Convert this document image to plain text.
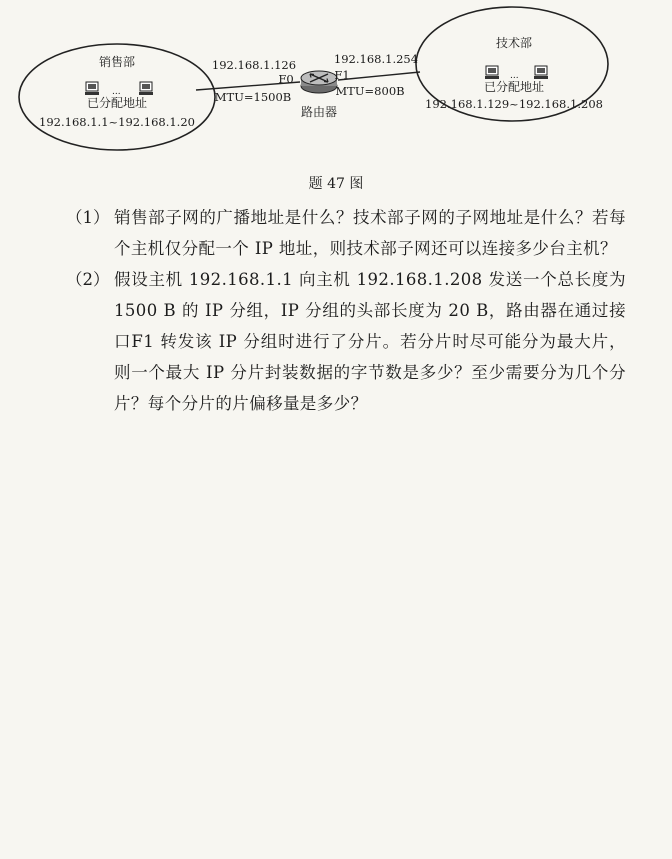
...
...
销售部
已分配地址
192.168.1.1~192.168.1.20
技术部
已分配地址
192.168.1.129~192.168.1.208
192.168.1.126
F0
MTU=1500B
192.168.1.254
F1
MTU=800B
路由器
题 47 图
（1） 销售部子网的广播地址是什么？技术部子网的子网地址是什么？若每个主机仅分配一个 IP 地址，则技术部子网还可以连接多少台主机？
（2） 假设主机 192.168.1.1 向主机 192.168.1.208 发送一个总长度为1500 B 的 IP 分组，IP 分组的头部长度为 20 B，路由器在通过接口F1 转发该 IP 分组时进行了分片。若分片时尽可能分为最大片，则一个最大 IP 分片封装数据的字节数是多少？至少需要分为几个分片？每个分片的片偏移量是多少？
